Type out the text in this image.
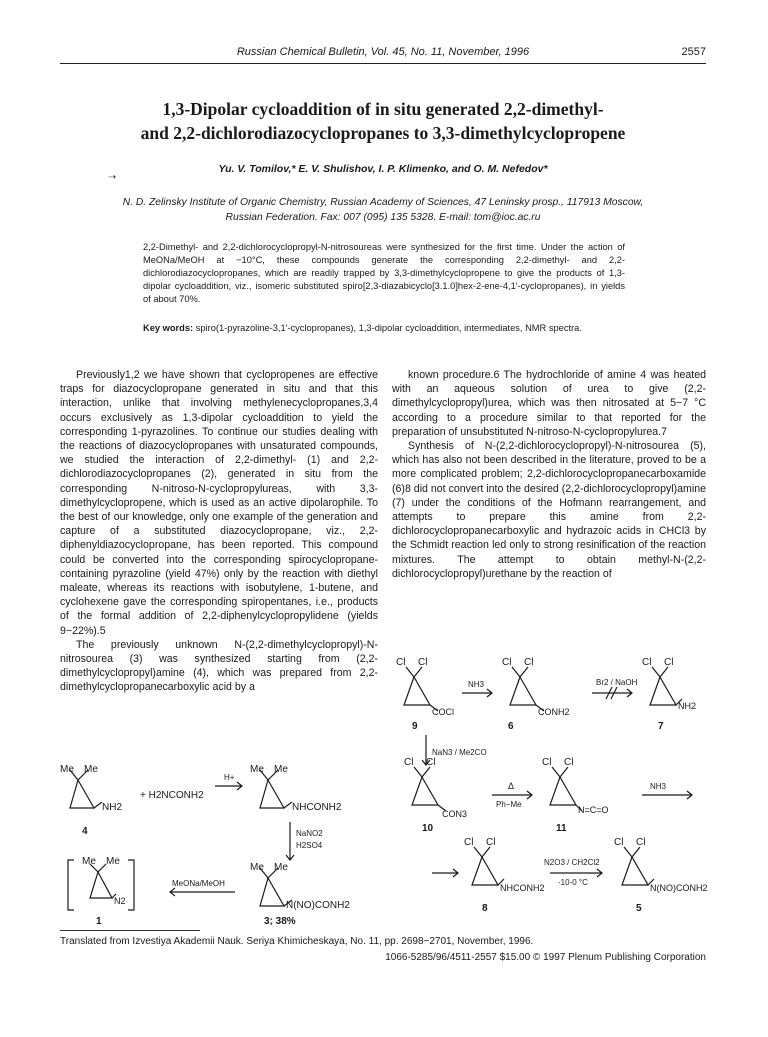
Russian Chemical Bulletin, Vol. 45, No. 11, November, 1996	2557
1,3-Dipolar cycloaddition of in situ generated 2,2-dimethyl-
and 2,2-dichlorodiazocyclopropanes to 3,3-dimethylcyclopropene
Yu. V. Tomilov,* E. V. Shulishov, I. P. Klimenko, and O. M. Nefedov*
➝
N. D. Zelinsky Institute of Organic Chemistry, Russian Academy of Sciences, 47 Leninsky prosp., 117913 Moscow,
Russian Federation. Fax: 007 (095) 135 5328. E-mail: tom@ioc.ac.ru
2,2-Dimethyl- and 2,2-dichlorocyclopropyl-N-nitrosoureas were synthesized for the first time. Under the action of MeONa/MeOH at −10°C, these compounds generate the corresponding 2,2-dimethyl- and 2,2-dichlorodiazocyclopropanes, which are readily trapped by 3,3-dimethylcyclopropene to give the products of 1,3-dipolar cycloaddition, viz., isomeric substituted spiro[2,3-diazabicyclo[3.1.0]hex-2-ene-4,1′-cyclopropanes), in yields of about 70%.
Key words: spiro(1-pyrazoline-3,1′-cyclopropanes), 1,3-dipolar cycloaddition, intermediates, NMR spectra.

Previously1,2 we have shown that cyclopropenes are effective traps for diazocyclopropane generated in situ and that this interaction, unlike that involving methylenecyclopropanes,3,4 occurs exclusively as 1,3-dipolar cycloaddition to yield the corresponding 1-pyrazolines. To continue our studies dealing with the reactions of diazocyclopropanes with unsaturated compounds, we studied the interaction of 2,2-dimethyl- (1) and 2,2-dichlorodiazocyclopropanes (2), generated in situ from the corresponding N-nitroso-N-cyclopropylureas, with 3,3-dimethylcyclopropene, which is used as an active dipolarophile. To the best of our knowledge, only one example of the generation and capture of a substituted diazocyclopropane, viz., 2,2-diphenyldiazocyclopropane, has been reported. This compound could be converted into the corresponding spirocyclopropane-containing pyrazoline (yield 47%) only by the reaction with diethyl maleate, whereas its reactions with isobutylene, 1-butene, and cyclohexene gave the corresponding spiropentanes, i.e., products of the formal addition of 2,2-diphenylcyclopropylidene (yields 9−22%).5

The previously unknown N-(2,2-dimethylcyclopropyl)-N-nitrosourea (3) was synthesized starting from (2,2-dimethylcyclopropyl)amine (4), which was prepared from 2,2-dimethylcyclopropanecarboxylic acid by a

known procedure.6 The hydrochloride of amine 4 was heated with an aqueous solution of urea to give (2,2-dimethylcyclopropyl)urea, which was then nitrosated at 5−7 °C according to a procedure similar to that reported for the preparation of unsubstituted N-nitroso-N-cyclopropylurea.7

Synthesis of N-(2,2-dichlorocyclopropyl)-N-nitrosourea (5), which has also not been described in the literature, proved to be a more complicated problem; 2,2-dichlorocyclopropanecarboxamide (6)8 did not convert into the desired (2,2-dichlorocyclopropyl)amine (7) under the conditions of the Hofmann rearrangement, and attempts to prepare this amine from 2,2-dichlorocyclopropanecarboxylic and hydrazoic acids in CHCl3 by the Schmidt reaction led only to strong resinification of the reaction mixtures. The attempt to obtain methyl-N-(2,2-dichlorocyclopropyl)urethane by the reaction of

Me Me
NH2
+ H2NCONH2
H+
Me Me
NHCONH2
4	NaNO2
H2SO4
Me Me
N(NO)CONH2
MeONa/MeOH
Me Me
N2
1	3; 38%
Cl Cl
COCl
NH3
Cl Cl
CONH2
Br2 / NaOH
Cl Cl
NH2
9	6	7
NaN3 / Me2CO
Cl Cl
CON3
Δ
Ph−Me
Cl Cl
N=C=O
NH3
10	11
Cl Cl
NHCONH2
N2O3 / CH2Cl2
-10-0 °C
Cl Cl
N(NO)CONH2
8	5
Translated from Izvestiya Akademii Nauk. Seriya Khimicheskaya, No. 11, pp. 2698−2701, November, 1996.
1066-5285/96/4511-2557 $15.00 © 1997 Plenum Publishing Corporation
